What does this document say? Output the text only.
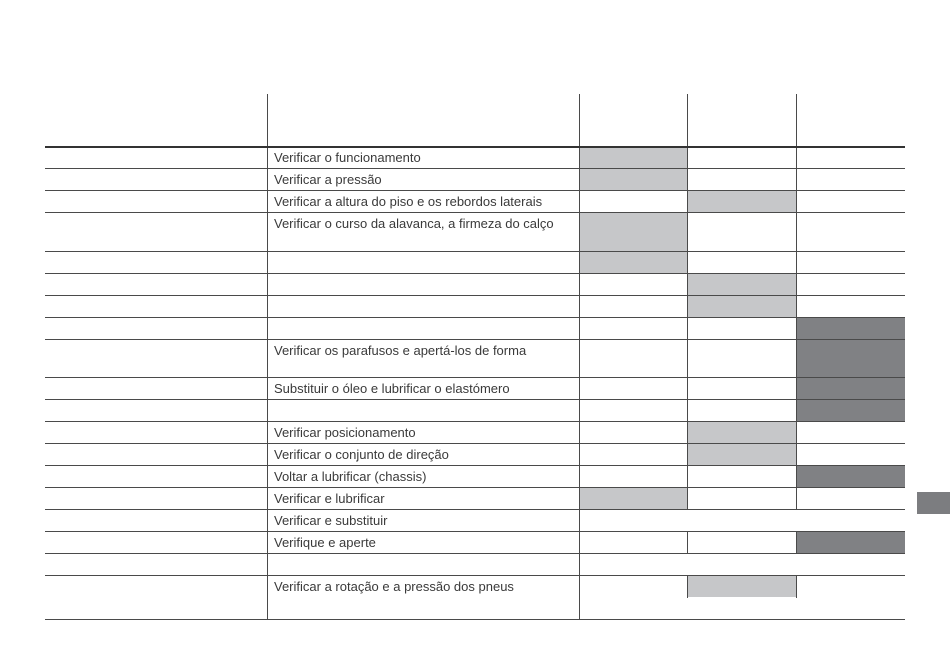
Verificar o funcionamento
Verificar a pressão
Verificar a altura do piso e os rebordos laterais
Verificar o curso da alavanca, a firmeza do calço
Verificar os parafusos e apertá-los de forma
Substituir o óleo e lubrificar o elastómero
Verificar posicionamento
Verificar o conjunto de direção
Voltar a lubrificar (chassis)
Verificar e lubrificar
Verificar e substituir
Verifique e aperte
Verificar a rotação e a pressão dos pneus
